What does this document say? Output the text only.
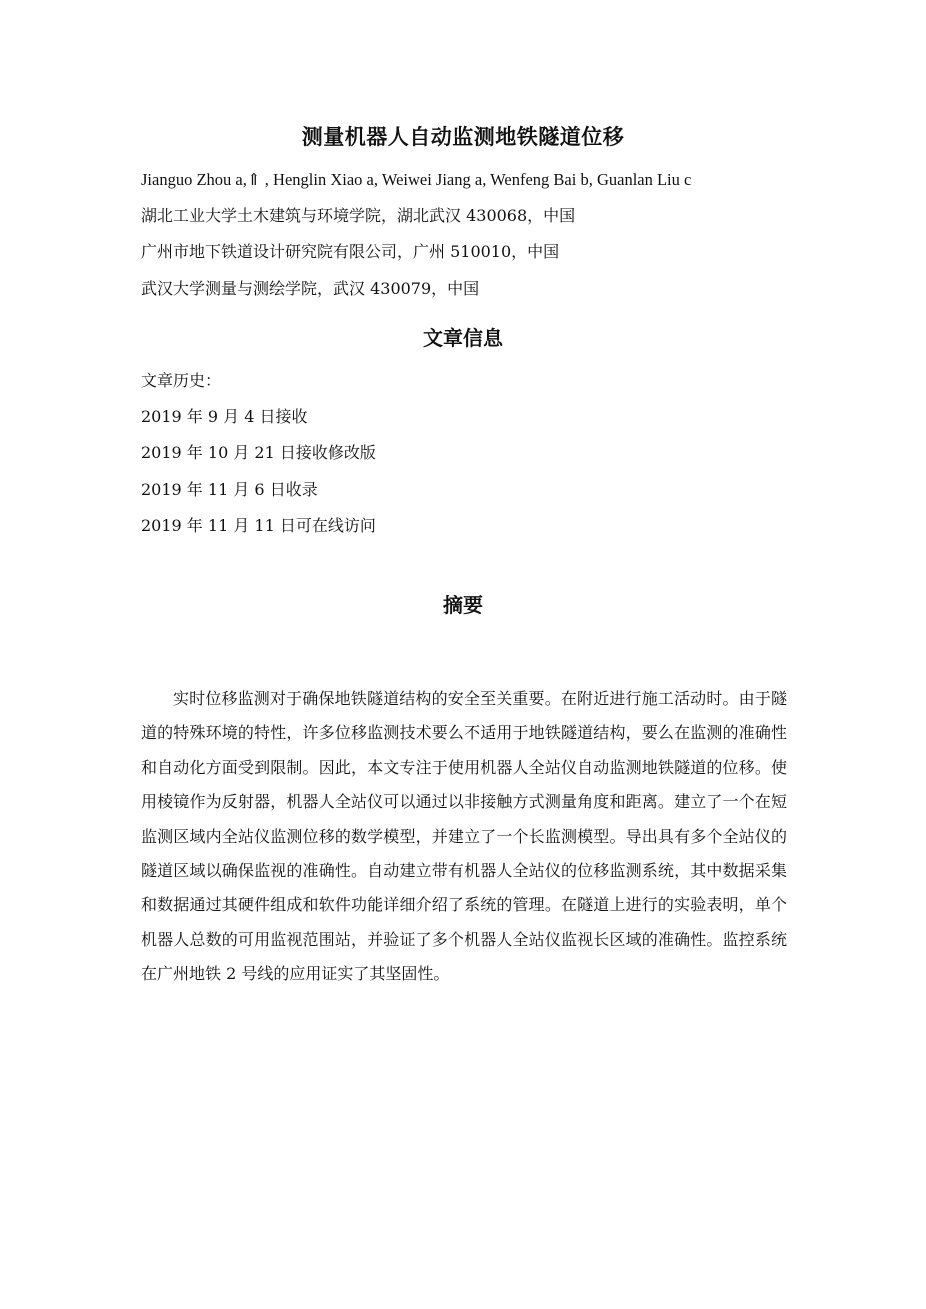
测量机器人自动监测地铁隧道位移
Jianguo Zhou a,⇑ , Henglin Xiao a, Weiwei Jiang a, Wenfeng Bai b, Guanlan Liu c
湖北工业大学土木建筑与环境学院，湖北武汉 430068，中国
广州市地下铁道设计研究院有限公司，广州 510010，中国
武汉大学测量与测绘学院，武汉 430079，中国
文章信息
文章历史：
2019 年 9 月 4 日接收
2019 年 10 月 21 日接收修改版
2019 年 11 月 6 日收录
2019 年 11 月 11 日可在线访问
摘要
实时位移监测对于确保地铁隧道结构的安全至关重要。在附近进行施工活动时。由于隧道的特殊环境的特性，许多位移监测技术要么不适用于地铁隧道结构，要么在监测的准确性和自动化方面受到限制。因此，本文专注于使用机器人全站仪自动监测地铁隧道的位移。使用棱镜作为反射器，机器人全站仪可以通过以非接触方式测量角度和距离。建立了一个在短监测区域内全站仪监测位移的数学模型，并建立了一个长监测模型。导出具有多个全站仪的隧道区域以确保监视的准确性。自动建立带有机器人全站仪的位移监测系统，其中数据采集和数据通过其硬件组成和软件功能详细介绍了系统的管理。在隧道上进行的实验表明，单个机器人总数的可用监视范围站，并验证了多个机器人全站仪监视长区域的准确性。监控系统在广州地铁 2 号线的应用证实了其坚固性。
